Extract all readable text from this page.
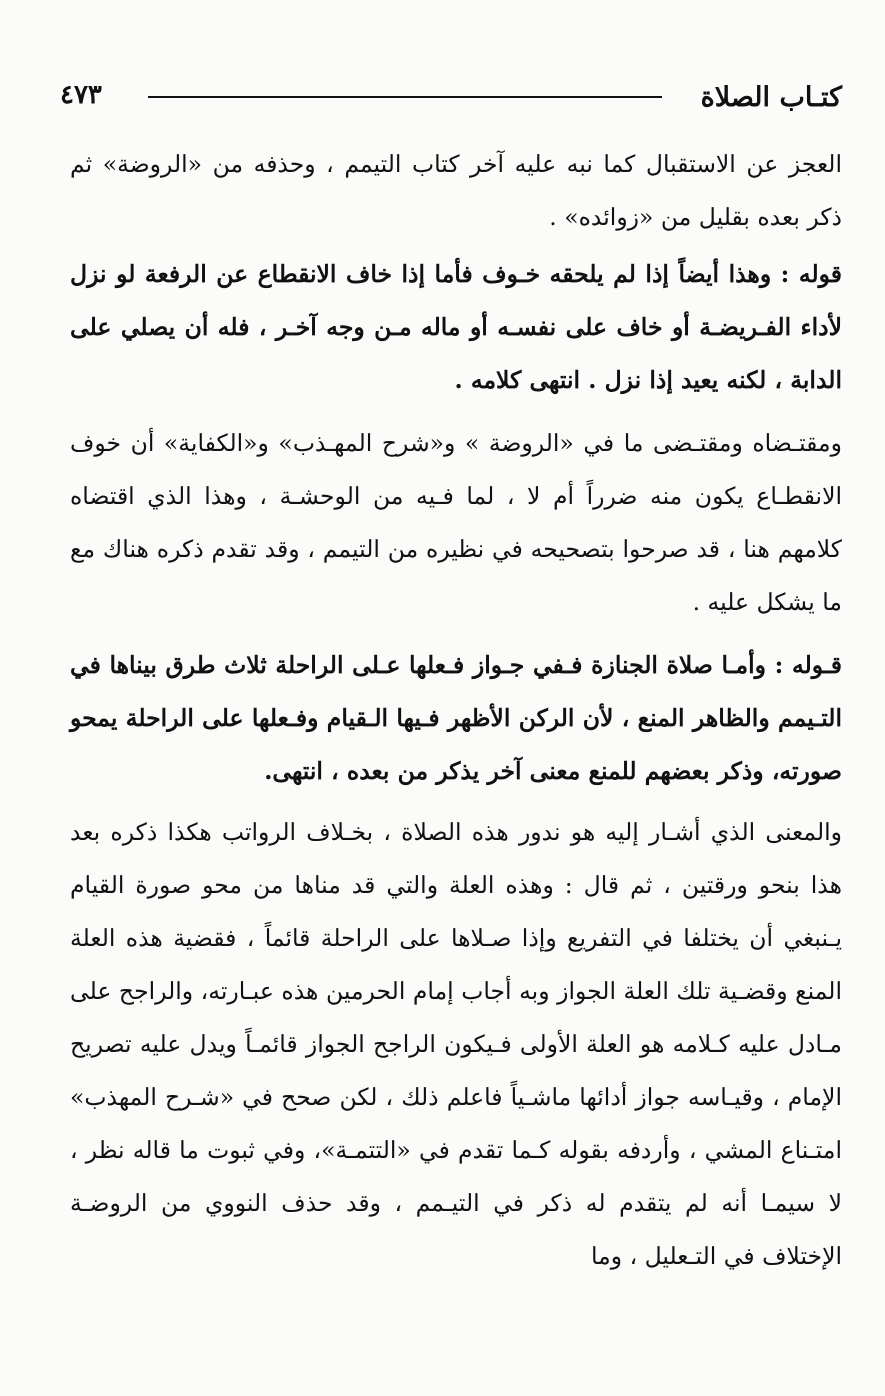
كتـاب الصلاة
٤٧٣

العجز عن الاستقبال كما نبه عليه آخر كتاب التيمم ، وحذفه من «الروضة» ثم ذكر بعده بقليل من «زوائده» .

قوله : وهذا أيضاً إذا لم يلحقه خـوف فأما إذا خاف الانقطاع عن الرفعة لو نزل لأداء الفـريضـة أو خاف على نفسـه أو ماله مـن وجه آخـر ، فله أن يصلي على الدابة ، لكنه يعيد إذا نزل . انتهى كلامه .

ومقتـضاه ومقتـضى ما في «الروضة » و«شرح المهـذب» و«الكفاية» أن خوف الانقطـاع يكون منه ضرراً أم لا ، لما فـيه من الوحشـة ، وهذا الذي اقتضاه كلامهم هنا ، قد صرحوا بتصحيحه في نظيره من التيمم ، وقد تقدم ذكره هناك مع ما يشكل عليه .

قـوله : وأمـا صلاة الجنازة فـفي جـواز فـعلها عـلى الراحلة ثلاث طرق بيناها في التـيمم والظاهر المنع ، لأن الركن الأظهر فـيها الـقيام وفـعلها على الراحلة يمحو صورته، وذكر بعضهم للمنع معنى آخر يذكر من بعده ، انتهى.

والمعنى الذي أشـار إليه هو ندور هذه الصلاة ، بخـلاف الرواتب هكذا ذكره بعد هذا بنحو ورقتين ، ثم قال : وهذه العلة والتي قد مناها من محو صورة القيام يـنبغي أن يختلفا في التفريع وإذا صـلاها على الراحلة قائماً ، فقضية هذه العلة المنع وقضـية تلك العلة الجواز وبه أجاب إمام الحرمين هذه عبـارته، والراجح على مـادل عليه كـلامه هو العلة الأولى فـيكون الراجح الجواز قائمـاً ويدل عليه تصريح الإمام ، وقيـاسه جواز أدائها ماشـياً فاعلم ذلك ، لكن صحح في «شـرح المهذب» امتـناع المشي ، وأردفه بقوله كـما تقدم في «التتمـة»، وفي ثبوت ما قاله نظر ، لا سيمـا أنه لم يتقدم له ذكر في التيـمم ، وقد حذف النووي من الروضـة الإختلاف في التـعليل ، وما
